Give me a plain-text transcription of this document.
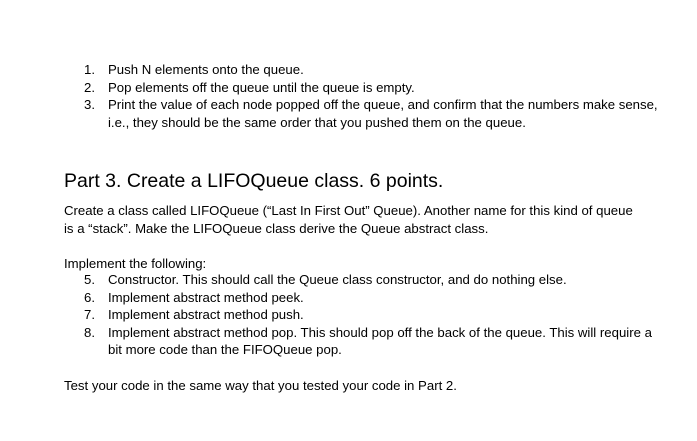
1. Push N elements onto the queue.
2. Pop elements off the queue until the queue is empty.
3. Print the value of each node popped off the queue, and confirm that the numbers make sense, i.e., they should be the same order that you pushed them on the queue.
Part 3. Create a LIFOQueue class. 6 points.

Create a class called LIFOQueue (“Last In First Out” Queue). Another name for this kind of queue is a “stack”. Make the LIFOQueue class derive the Queue abstract class.

Implement the following:

5. Constructor. This should call the Queue class constructor, and do nothing else.
6. Implement abstract method peek.
7. Implement abstract method push.
8. Implement abstract method pop. This should pop off the back of the queue. This will require a bit more code than the FIFOQueue pop.

Test your code in the same way that you tested your code in Part 2.
